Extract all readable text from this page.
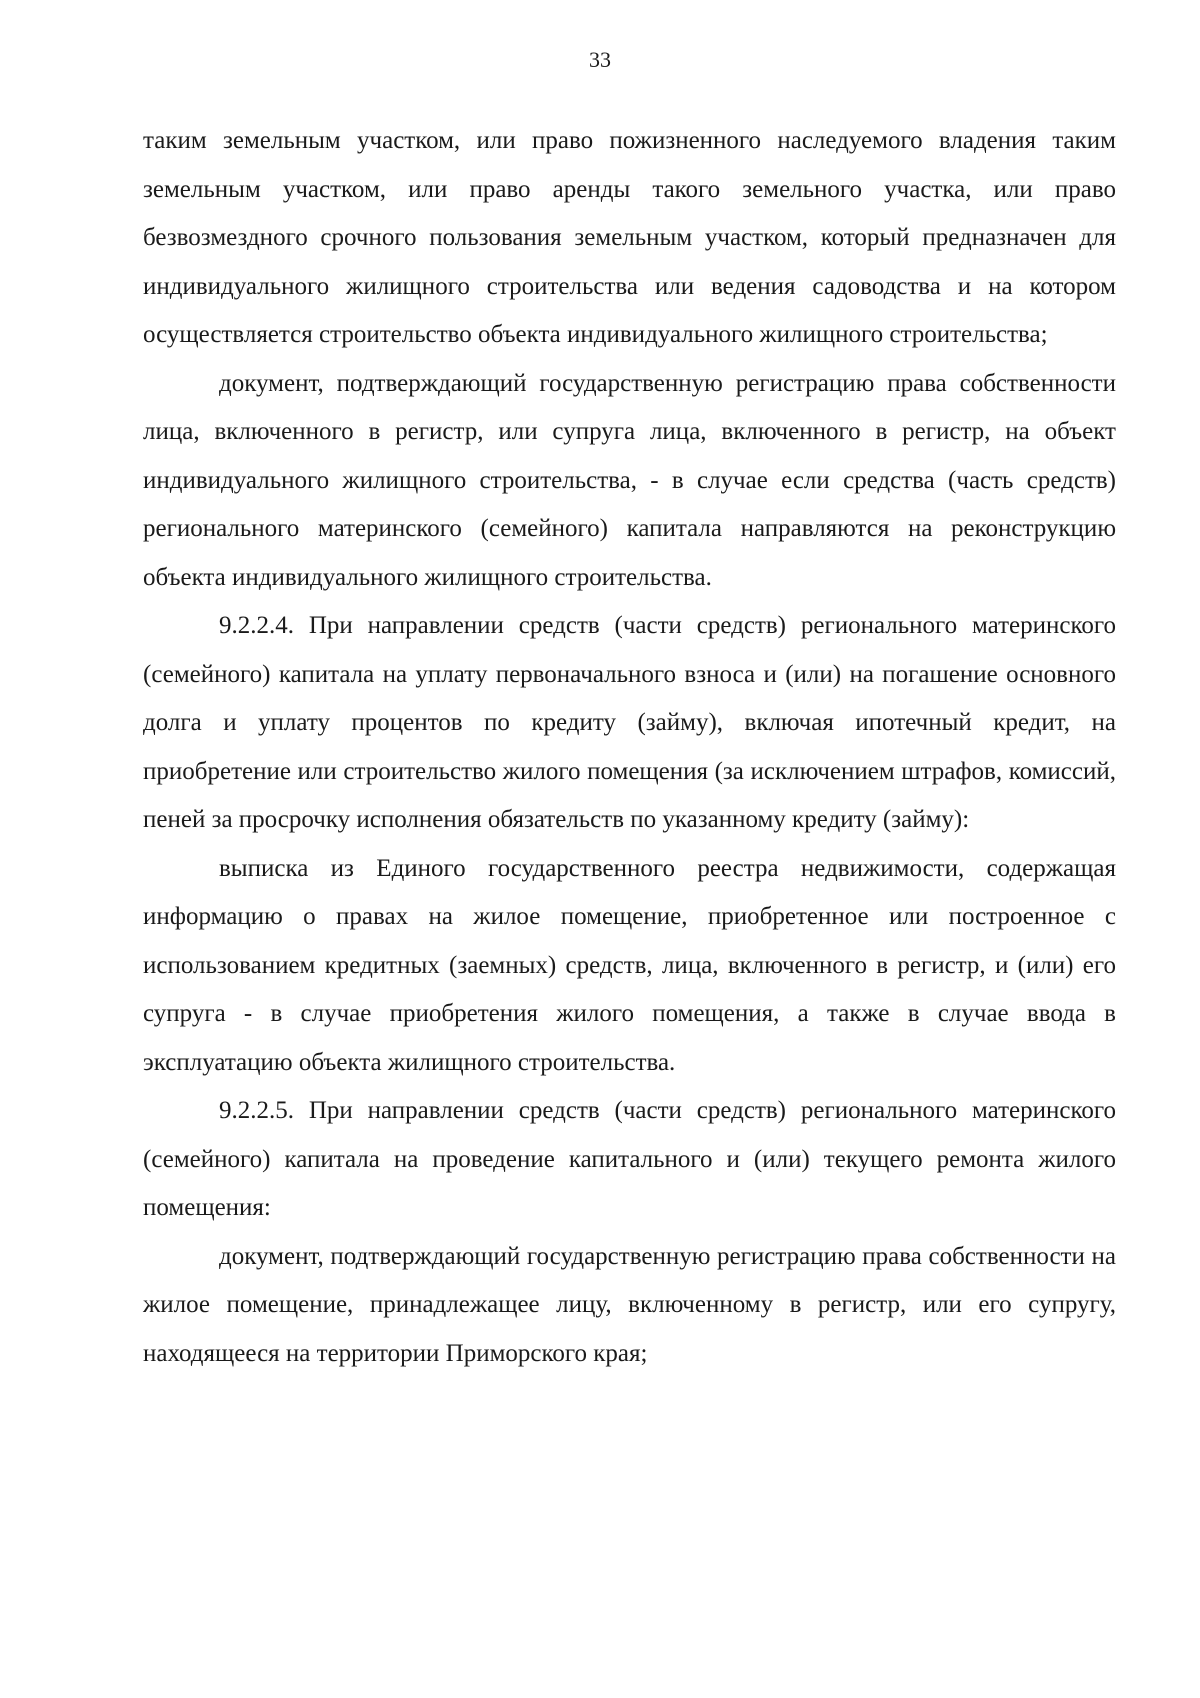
33

таким земельным участком, или право пожизненного наследуемого владения таким земельным участком, или право аренды такого земельного участка, или право безвозмездного срочного пользования земельным участком, который предназначен для индивидуального жилищного строительства или ведения садоводства и на котором осуществляется строительство объекта индивидуального жилищного строительства;

документ, подтверждающий государственную регистрацию права собственности лица, включенного в регистр, или супруга лица, включенного в регистр, на объект индивидуального жилищного строительства, - в случае если средства (часть средств) регионального материнского (семейного) капитала направляются на реконструкцию объекта индивидуального жилищного строительства.

9.2.2.4. При направлении средств (части средств) регионального материнского (семейного) капитала на уплату первоначального взноса и (или) на погашение основного долга и уплату процентов по кредиту (займу), включая ипотечный кредит, на приобретение или строительство жилого помещения (за исключением штрафов, комиссий, пеней за просрочку исполнения обязательств по указанному кредиту (займу):

выписка из Единого государственного реестра недвижимости, содержащая информацию о правах на жилое помещение, приобретенное или построенное с использованием кредитных (заемных) средств, лица, включенного в регистр, и (или) его супруга - в случае приобретения жилого помещения, а также в случае ввода в эксплуатацию объекта жилищного строительства.

9.2.2.5. При направлении средств (части средств) регионального материнского (семейного) капитала на проведение капитального и (или) текущего ремонта жилого помещения:

документ, подтверждающий государственную регистрацию права собственности на жилое помещение, принадлежащее лицу, включенному в регистр, или его супругу, находящееся на территории Приморского края;
